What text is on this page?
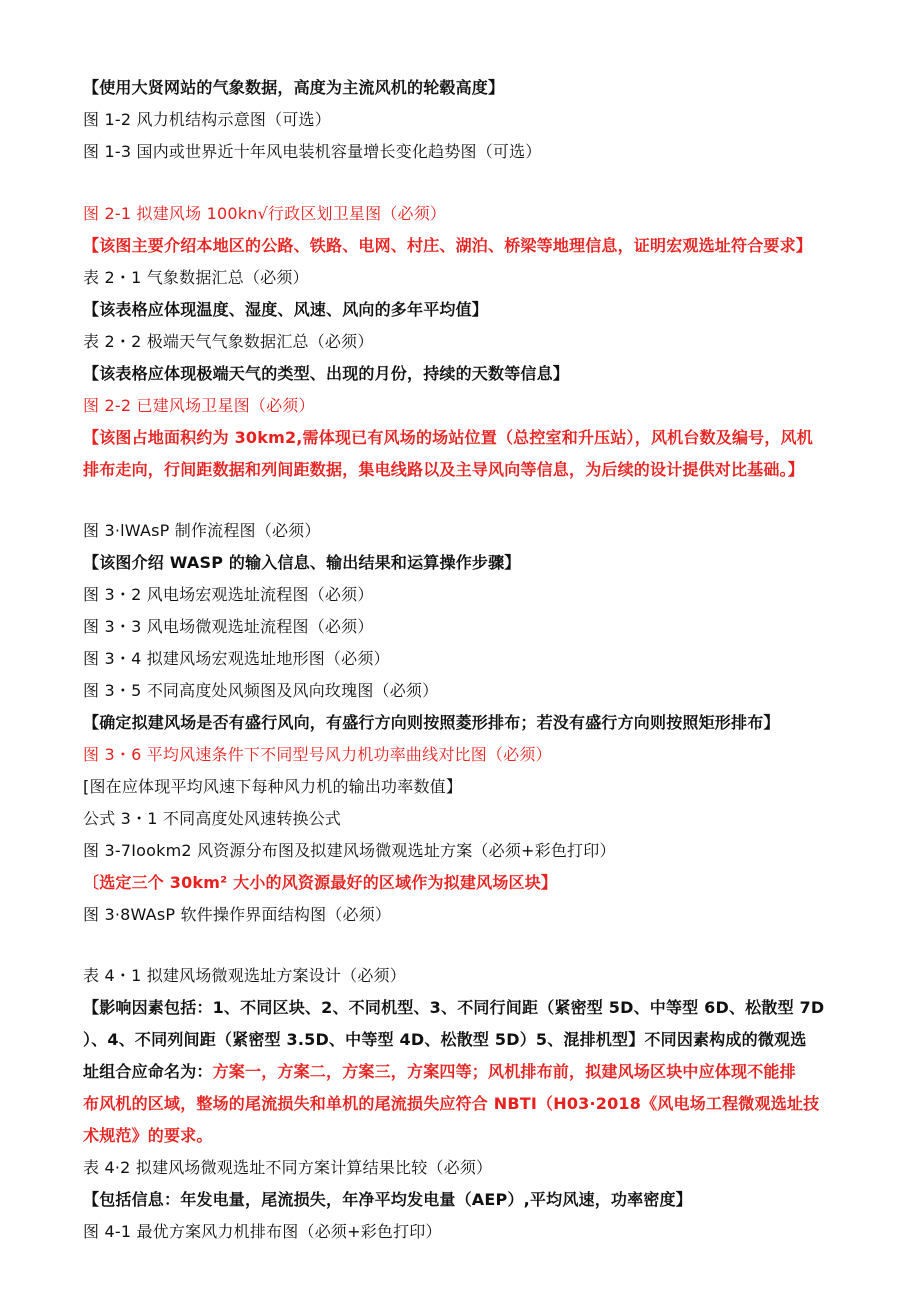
【使用大贤网站的气象数据，高度为主流风机的轮毂高度】
图 1-2 风力机结构示意图（可选）
图 1-3 国内或世界近十年风电装机容量增长变化趋势图（可选）
图 2-1 拟建风场 100kn√行政区划卫星图（必须）
【该图主要介绍本地区的公路、铁路、电网、村庄、湖泊、桥梁等地理信息，证明宏观选址符合要求】
表 2・1 气象数据汇总（必须）
【该表格应体现温度、湿度、风速、风向的多年平均值】
表 2・2 极端天气气象数据汇总（必须）
【该表格应体现极端天气的类型、出现的月份，持续的天数等信息】
图 2-2 已建风场卫星图（必须）
【该图占地面积约为 30km2,需体现已有风场的场站位置（总控室和升压站），风机台数及编号，风机
排布走向，行间距数据和列间距数据，集电线路以及主导风向等信息，为后续的设计提供对比基础。】
图 3·lWAsP 制作流程图（必须）
【该图介绍 WASP 的输入信息、输出结果和运算操作步骤】
图 3・2 风电场宏观选址流程图（必须）
图 3・3 风电场微观选址流程图（必须）
图 3・4 拟建风场宏观选址地形图（必须）
图 3・5 不同高度处风频图及风向玫瑰图（必须）
【确定拟建风场是否有盛行风向，有盛行方向则按照菱形排布；若没有盛行方向则按照矩形排布】
图 3・6 平均风速条件下不同型号风力机功率曲线对比图（必须）
[图在应体现平均风速下每种风力机的输出功率数值】
公式 3・1 不同高度处风速转换公式
图 3-7Iookm2 风资源分布图及拟建风场微观选址方案（必须+彩色打印）
〔选定三个 30km² 大小的风资源最好的区域作为拟建风场区块】
图 3·8WAsP 软件操作界面结构图（必须）
表 4・1 拟建风场微观选址方案设计（必须）
【影响因素包括：1、不同区块、2、不同机型、3、不同行间距（紧密型 5D、中等型 6D、松散型 7D
）、4、不同列间距（紧密型 3.5D、中等型 4D、松散型 5D）5、混排机型】不同因素构成的微观选
址组合应命名为：方案一，方案二，方案三，方案四等；风机排布前，拟建风场区块中应体现不能排
布风机的区域，整场的尾流损失和单机的尾流损失应符合 NBTI（H03·2018《风电场工程微观选址技
术规范》的要求。
表 4·2 拟建风场微观选址不同方案计算结果比较（必须）
【包括信息：年发电量，尾流损失，年净平均发电量（AEP）,平均风速，功率密度】
图 4-1 最优方案风力机排布图（必须+彩色打印）
